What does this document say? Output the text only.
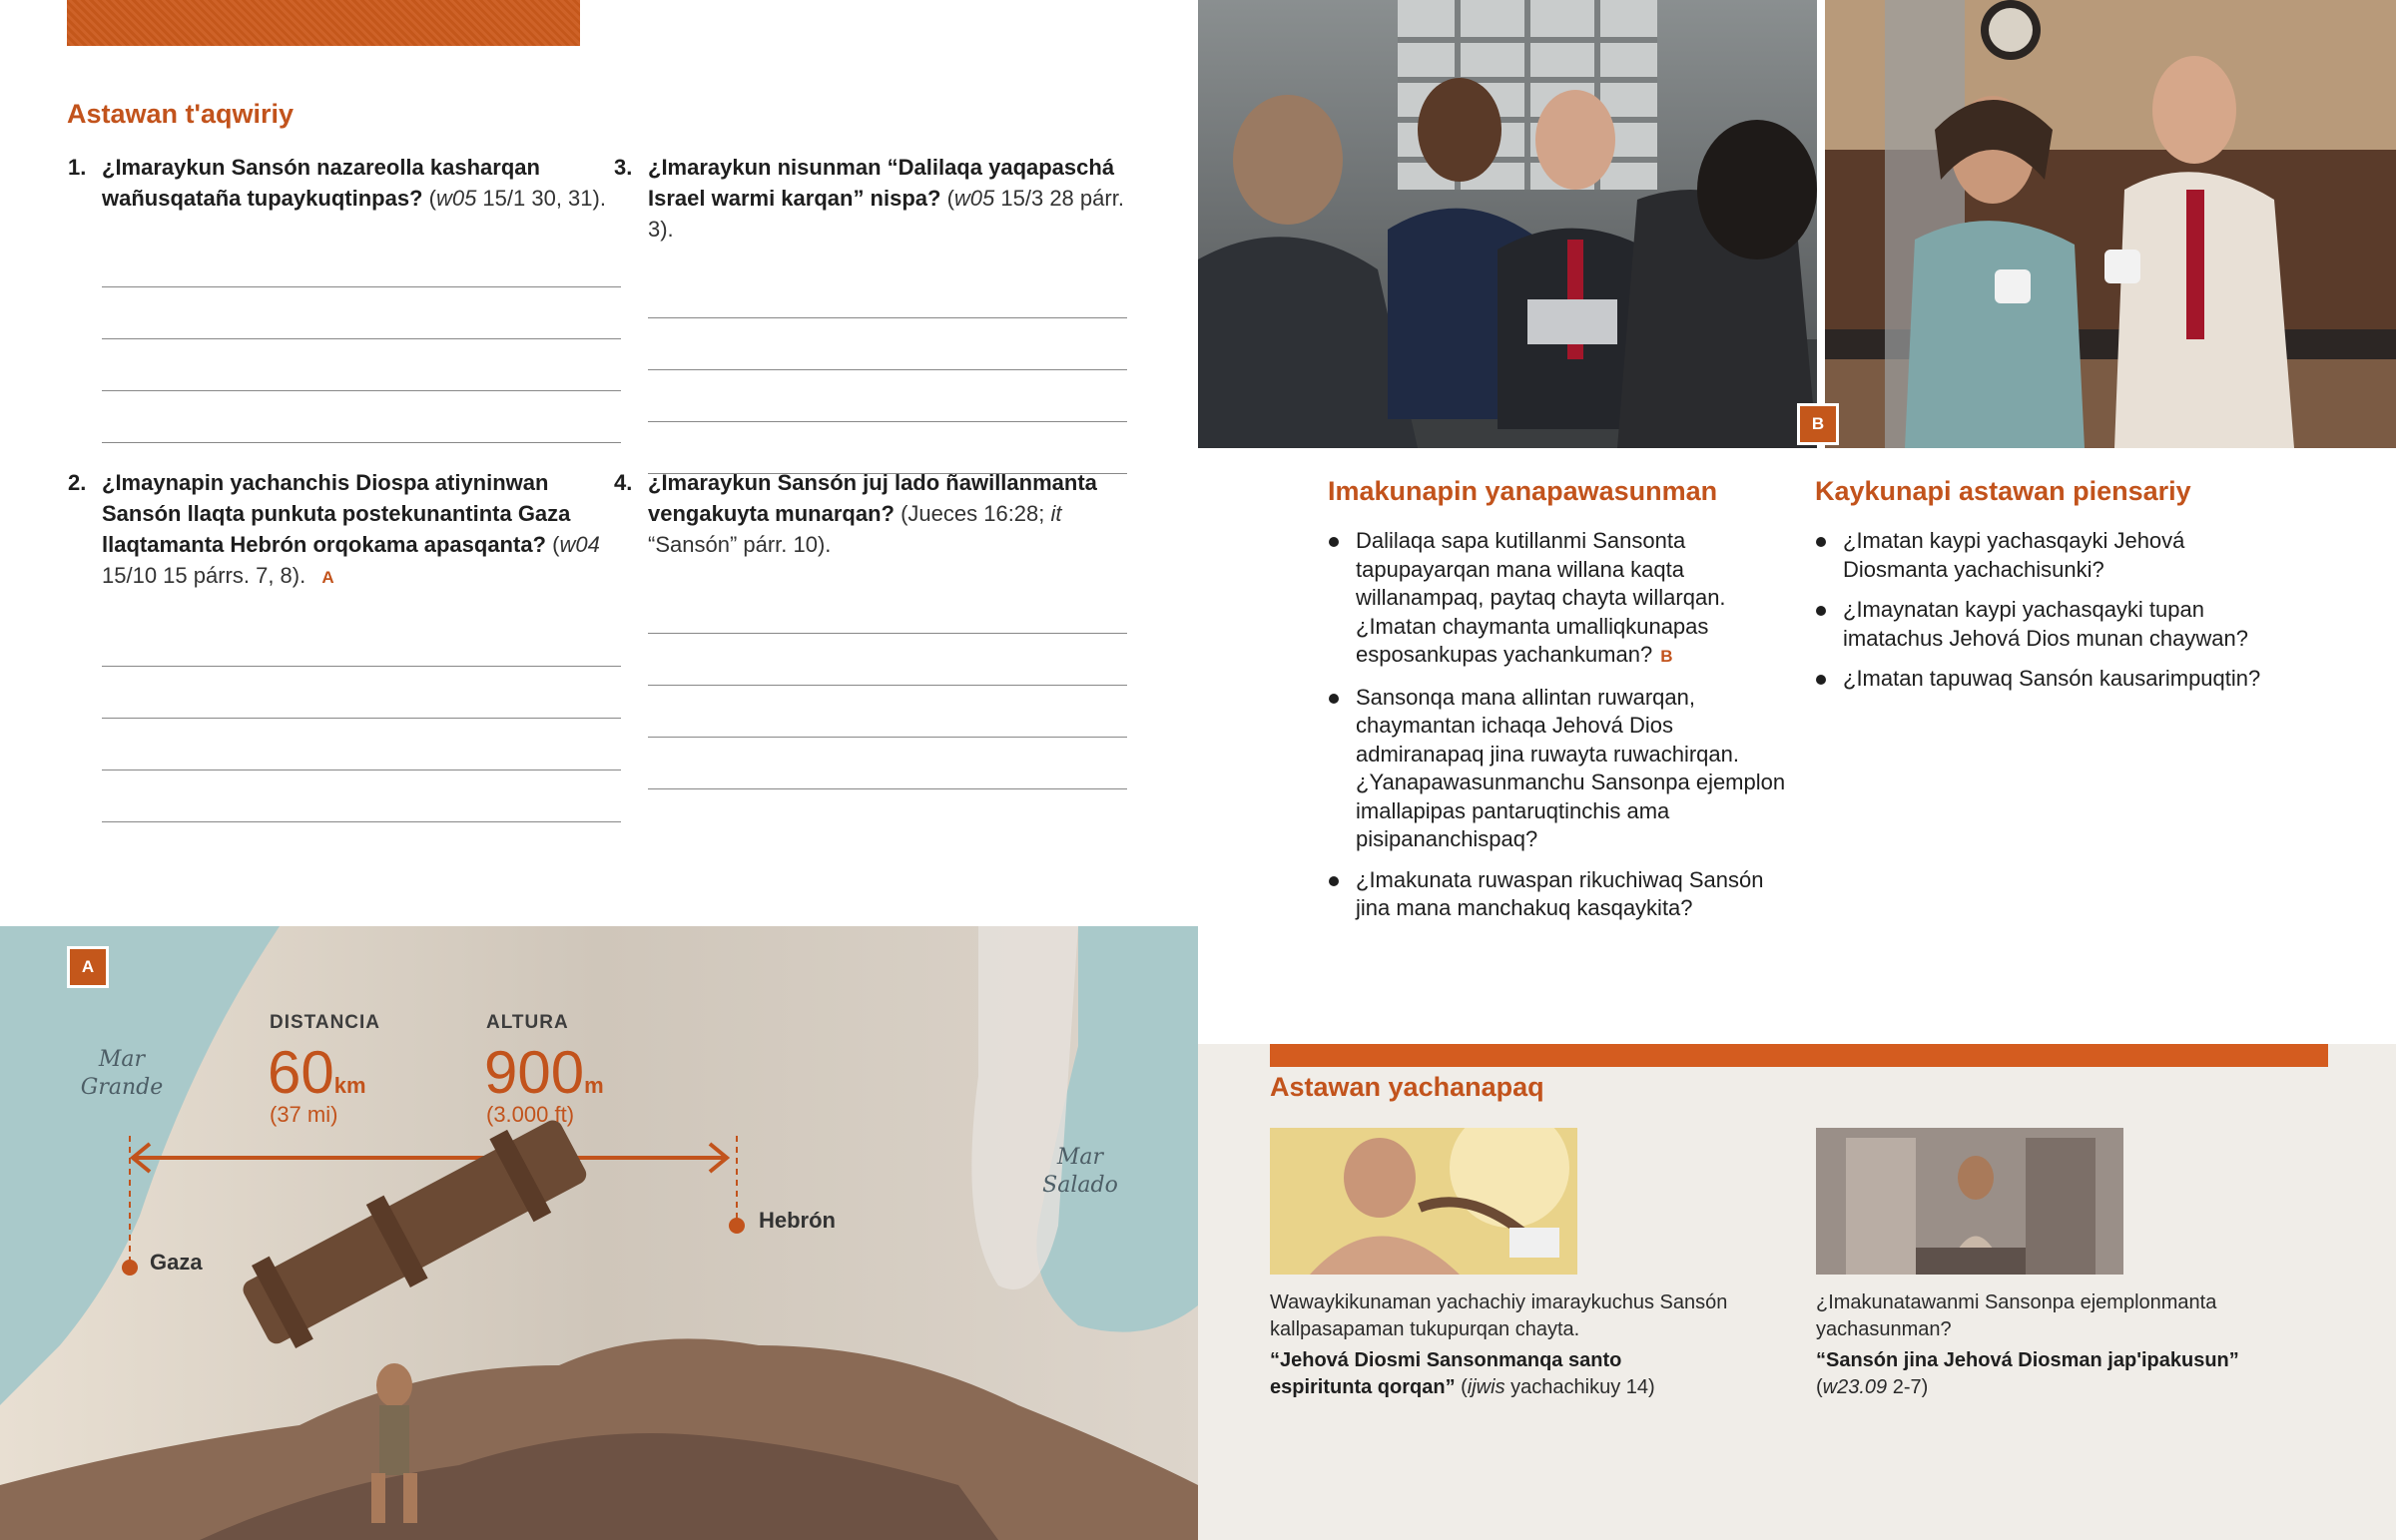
Astawan t'aqwiriy
1. ¿Imaraykun Sansón nazareolla kasharqan wañusqataña tupaykuqtinpas? (w05 15/1 30, 31).
2. ¿Imaynapin yachanchis Diospa atiyninwan Sansón llaqta punkuta postekunantinta Gaza llaqtamanta Hebrón orqokama apasqanta? (w04 15/10 15 párrs. 7, 8). A
3. ¿Imaraykun nisunman “Dalilaqa yaqapaschá Israel warmi karqan” nispa? (w05 15/3 28 párr. 3).
4. ¿Imaraykun Sansón juj lado ñawillanmanta vengakuyta munarqan? (Jueces 16:28; it “Sansón” párr. 10).
B
Imakunapin yanapawasunman
Dalilaqa sapa kutillanmi Sansonta tapupayarqan mana willana kaqta willanampaq, paytaq chayta willarqan. ¿Imatan chaymanta umalliqkunapas esposankupas yachankuman? B
Sansonqa mana allintan ruwarqan, chaymantan ichaqa Jehová Dios admiranapaq jina ruwayta ruwachirqan. ¿Yanapawasunmanchu Sansonpa ejemplon imallapipas pantaruqtinchis ama pisipananchispaq?
¿Imakunata ruwaspan rikuchiwaq Sansón jina mana manchakuq kasqaykita?
Kaykunapi astawan piensariy
¿Imatan kaypi yachasqayki Jehová Diosmanta yachachisunki?
¿Imaynatan kaypi yachasqayki tupan imatachus Jehová Dios munan chaywan?
¿Imatan tapuwaq Sansón kausarimpuqtin?
A
Mar
Grande
Mar
Salado
DISTANCIA
60km
(37 mi)
ALTURA
900m
(3.000 ft)
Gaza
Hebrón
Astawan yachanapaq
Wawaykikunaman yachachiy imaraykuchus Sansón kallpasapaman tukupurqan chayta.
“Jehová Diosmi Sansonmanqa santo espiritunta qorqan” (ijwis yachachikuy 14)
¿Imakunatawanmi Sansonpa ejemplonmanta yachasunman?
“Sansón jina Jehová Diosman jap'ipakusun” (w23.09 2-7)
